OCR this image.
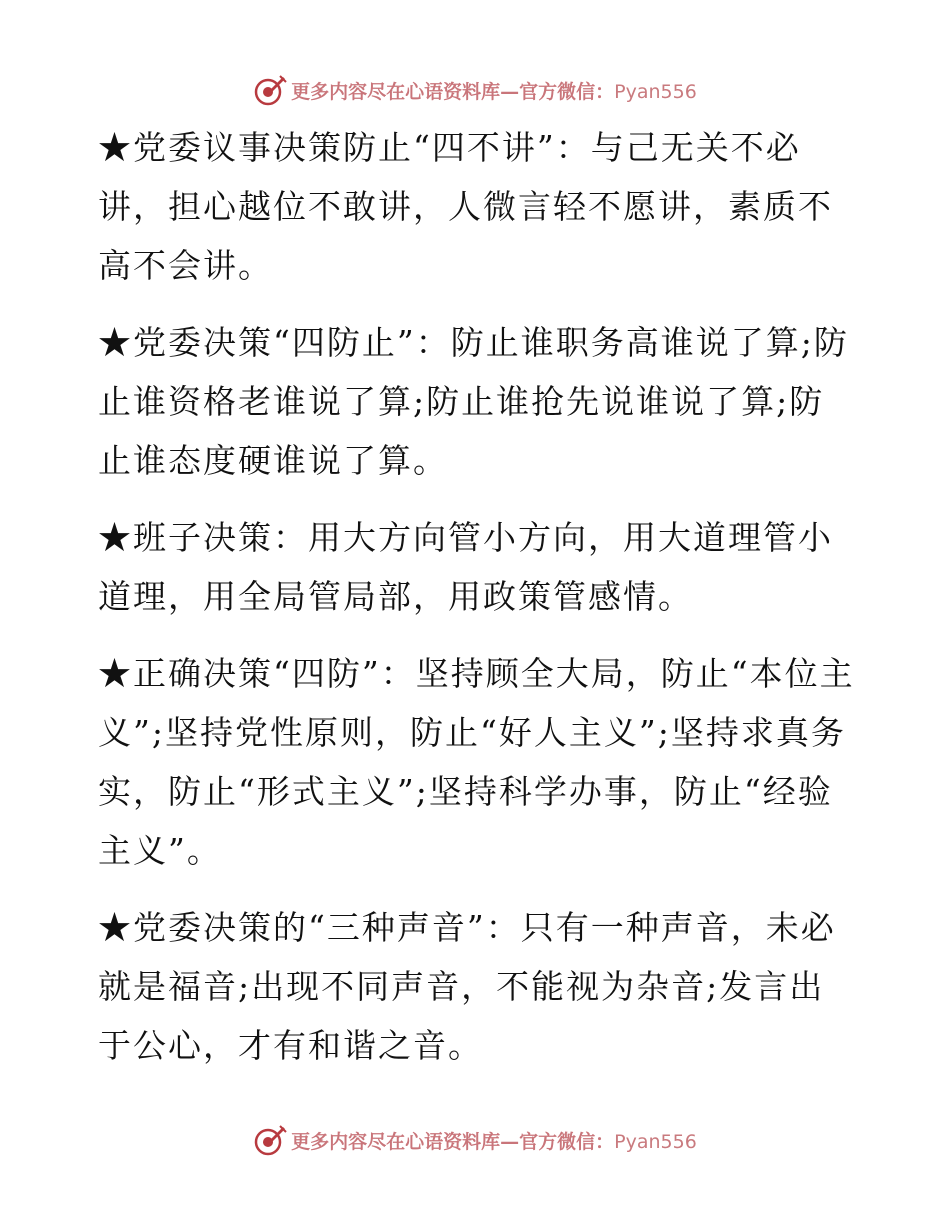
更多内容尽在心语资料库—官方微信：Pyan556

★党委议事决策防止“四不讲”：与己无关不必讲，担心越位不敢讲，人微言轻不愿讲，素质不高不会讲。

★党委决策“四防止”：防止谁职务高谁说了算;防止谁资格老谁说了算;防止谁抢先说谁说了算;防止谁态度硬谁说了算。

★班子决策：用大方向管小方向，用大道理管小道理，用全局管局部，用政策管感情。

★正确决策“四防”：坚持顾全大局，防止“本位主义”;坚持党性原则，防止“好人主义”;坚持求真务实，防止“形式主义”;坚持科学办事，防止“经验主义”。

★党委决策的“三种声音”：只有一种声音，未必就是福音;出现不同声音，不能视为杂音;发言出于公心，才有和谐之音。

更多内容尽在心语资料库—官方微信：Pyan556
